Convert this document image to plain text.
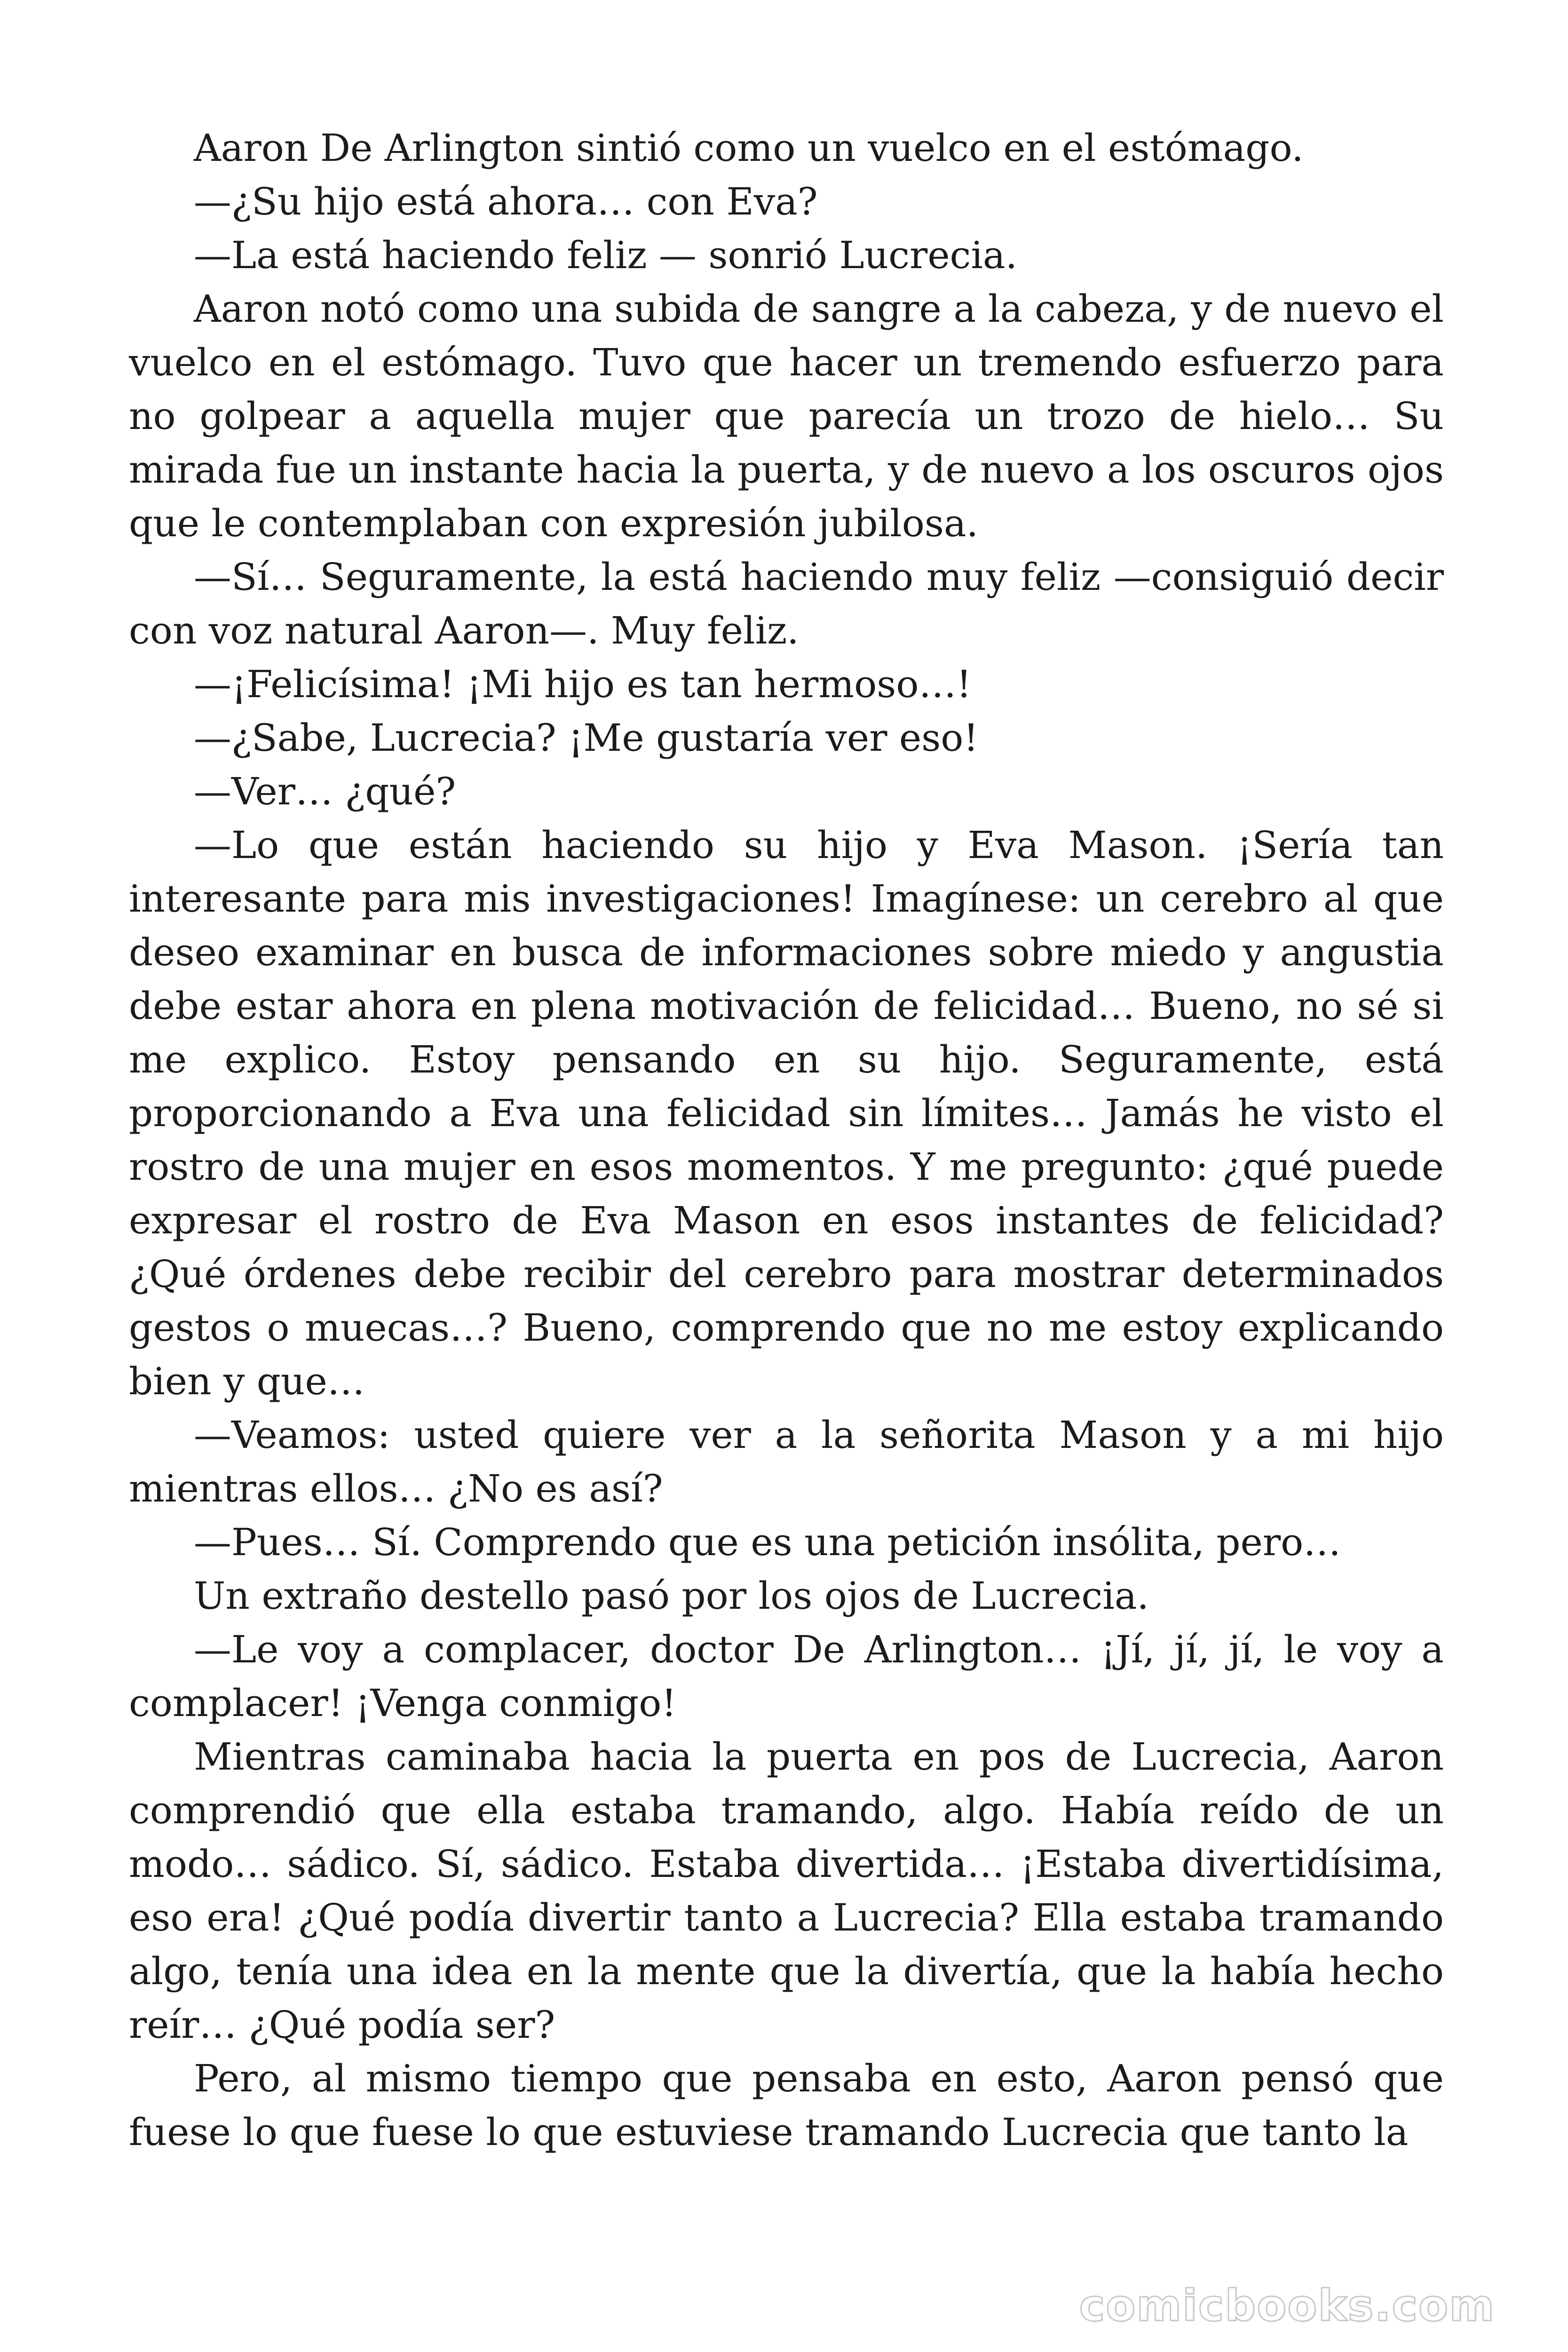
Aaron De Arlington sintió como un vuelco en el estómago.

—¿Su hijo está ahora… con Eva?

—La está haciendo feliz — sonrió Lucrecia.

Aaron notó como una subida de sangre a la cabeza, y de nuevo el vuelco en el estómago. Tuvo que hacer un tremendo esfuerzo para no golpear a aquella mujer que parecía un trozo de hielo… Su mirada fue un instante hacia la puerta, y de nuevo a los oscuros ojos que le contemplaban con expresión jubilosa.

—Sí… Seguramente, la está haciendo muy feliz —consiguió decir con voz natural Aaron—. Muy feliz.

—¡Felicísima! ¡Mi hijo es tan hermoso…!

—¿Sabe, Lucrecia? ¡Me gustaría ver eso!

—Ver… ¿qué?

—Lo que están haciendo su hijo y Eva Mason. ¡Sería tan interesante para mis investigaciones! Imagínese: un cerebro al que deseo examinar en busca de informaciones sobre miedo y angustia debe estar ahora en plena motivación de felicidad… Bueno, no sé si me explico. Estoy pensando en su hijo. Seguramente, está proporcionando a Eva una felicidad sin límites… Jamás he visto el rostro de una mujer en esos momentos. Y me pregunto: ¿qué puede expresar el rostro de Eva Mason en esos instantes de felicidad? ¿Qué órdenes debe recibir del cerebro para mostrar determinados gestos o muecas…? Bueno, comprendo que no me estoy explicando bien y que…

—Veamos: usted quiere ver a la señorita Mason y a mi hijo mientras ellos… ¿No es así?

—Pues… Sí. Comprendo que es una petición insólita, pero…

Un extraño destello pasó por los ojos de Lucrecia.

—Le voy a complacer, doctor De Arlington… ¡Jí, jí, jí, le voy a complacer! ¡Venga conmigo!

Mientras caminaba hacia la puerta en pos de Lucrecia, Aaron comprendió que ella estaba tramando, algo. Había reído de un modo… sádico. Sí, sádico. Estaba divertida… ¡Estaba divertidísima, eso era! ¿Qué podía divertir tanto a Lucrecia? Ella estaba tramando algo, tenía una idea en la mente que la divertía, que la había hecho reír… ¿Qué podía ser?

Pero, al mismo tiempo que pensaba en esto, Aaron pensó que fuese lo que fuese lo que estuviese tramando Lucrecia que tanto la

comicbooks.com
